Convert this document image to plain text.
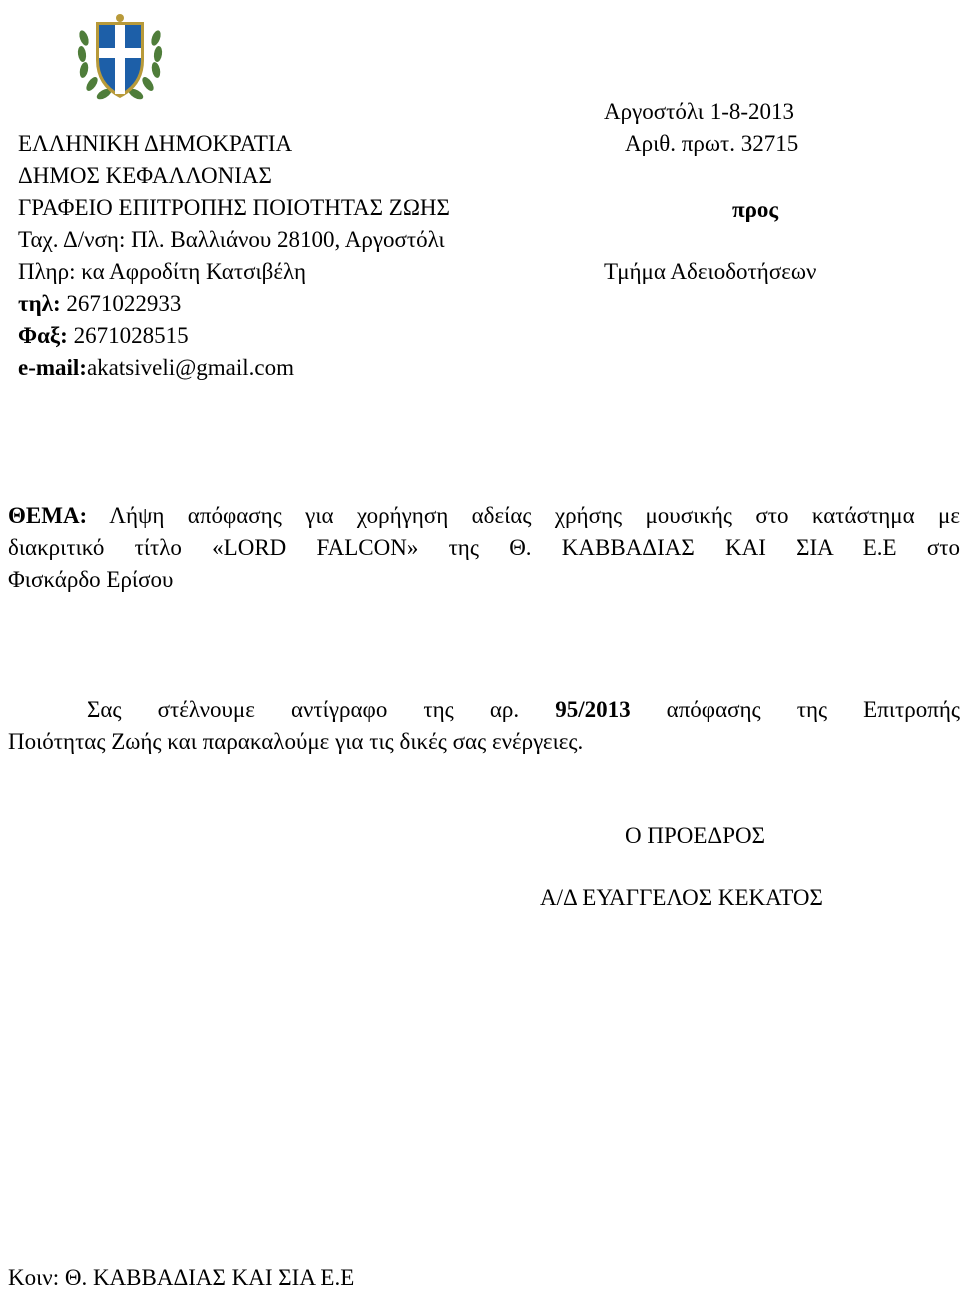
ΕΛΛΗΝΙΚΗ ΔΗΜΟΚΡΑΤΙΑ
ΔΗΜΟΣ ΚΕΦΑΛΛΟΝΙΑΣ
ΓΡΑΦΕΙΟ ΕΠΙΤΡΟΠΗΣ ΠΟΙΟΤΗΤΑΣ ΖΩΗΣ
Ταχ. Δ/νση: Πλ. Βαλλιάνου 28100, Αργοστόλι
Πληρ: κα Αφροδίτη Κατσιβέλη
τηλ: 2671022933
Φαξ: 2671028515
e-mail:akatsiveli@gmail.com
Αργοστόλι 1-8-2013
Αριθ. πρωτ. 32715
προς
Τμήμα Αδειοδοτήσεων
ΘΕΜΑ: Λήψη απόφασης για χορήγηση αδείας χρήσης μουσικής στο κατάστημα με
διακριτικό τίτλο «LORD FALCON» της Θ. ΚΑΒΒΑΔΙΑΣ ΚΑΙ ΣΙΑ Ε.Ε στο
Φισκάρδο Ερίσου
Σας στέλνουμε αντίγραφο της αρ. 95/2013 απόφασης της Επιτροπής
Ποιότητας Ζωής και παρακαλούμε για τις δικές σας ενέργειες.
Ο ΠΡΟΕΔΡΟΣ
Α/Δ ΕΥΑΓΓΕΛΟΣ ΚΕΚΑΤΟΣ
Κοιν: Θ. ΚΑΒΒΑΔΙΑΣ ΚΑΙ ΣΙΑ Ε.Ε
